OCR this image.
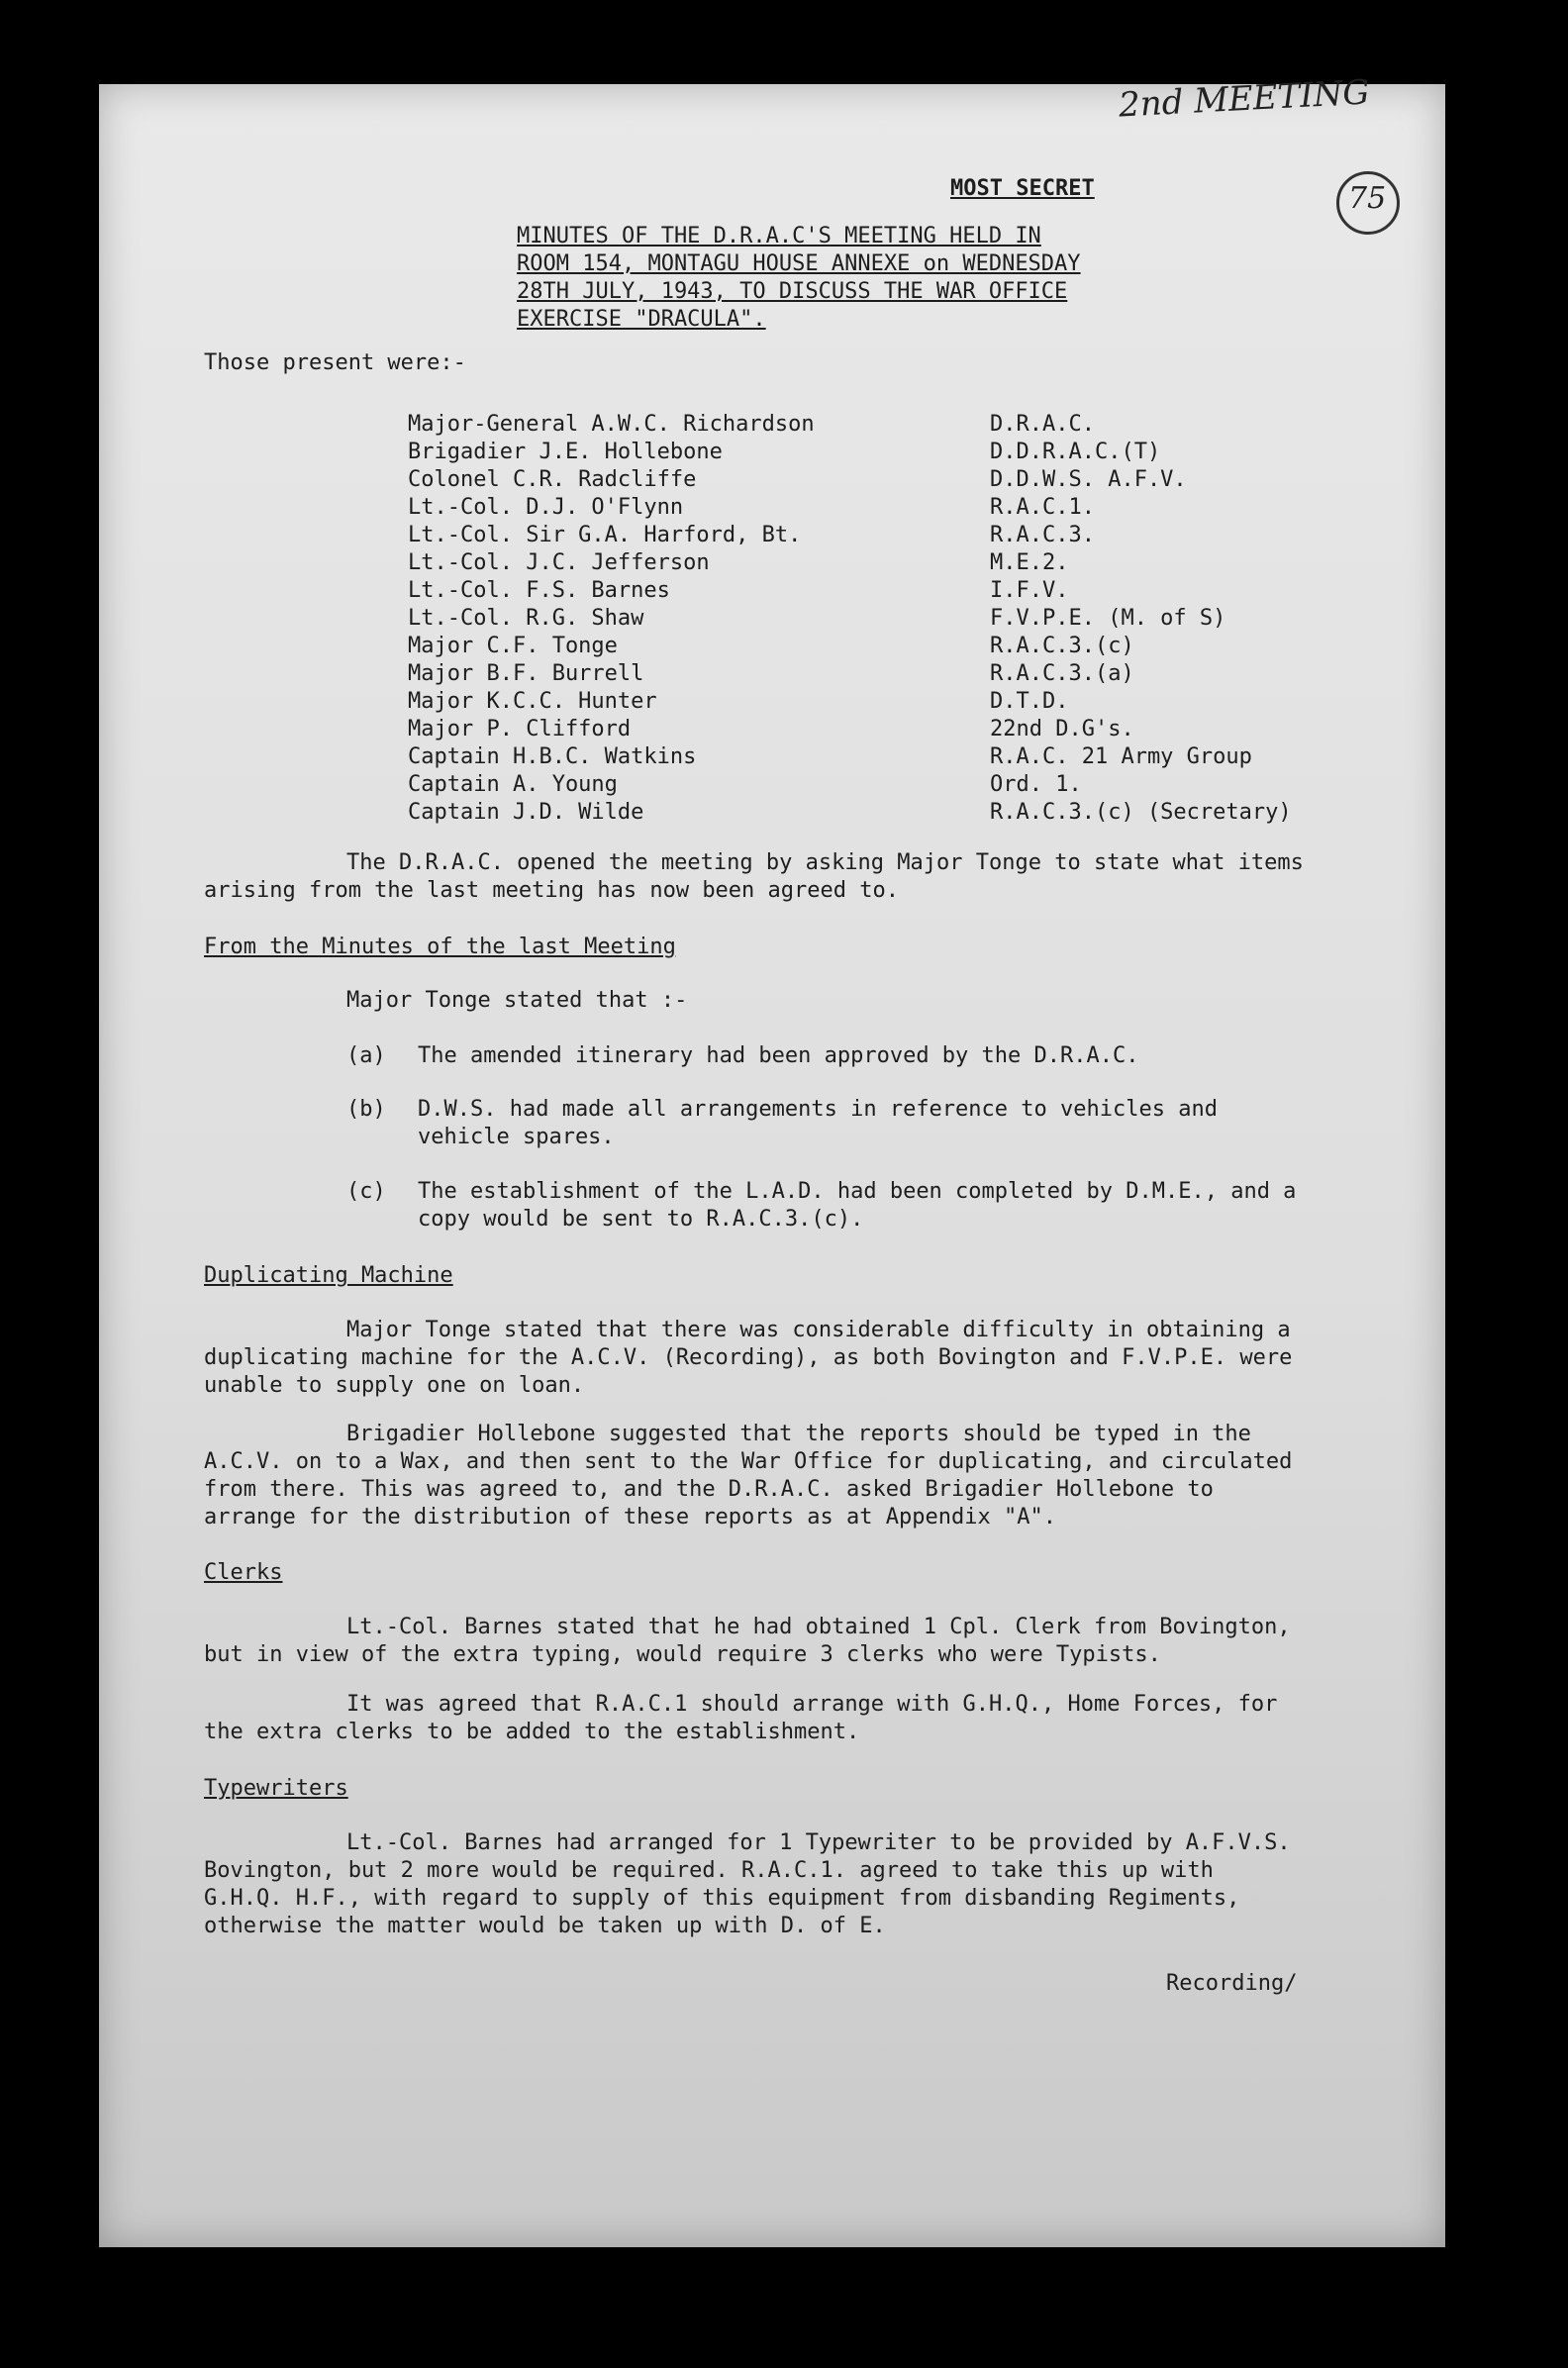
2nd MEETING
75
MOST SECRET
MINUTES OF THE D.R.A.C'S MEETING HELD IN
ROOM 154, MONTAGU HOUSE ANNEXE on WEDNESDAY
28TH JULY, 1943, TO DISCUSS THE WAR OFFICE
EXERCISE "DRACULA".
Those present were:-
Major-General A.W.C. Richardson	D.R.A.C.
Brigadier J.E. Hollebone	D.D.R.A.C.(T)
Colonel C.R. Radcliffe	D.D.W.S. A.F.V.
Lt.-Col. D.J. O'Flynn	R.A.C.1.
Lt.-Col. Sir G.A. Harford, Bt.	R.A.C.3.
Lt.-Col. J.C. Jefferson	M.E.2.
Lt.-Col. F.S. Barnes	I.F.V.
Lt.-Col. R.G. Shaw	F.V.P.E. (M. of S)
Major C.F. Tonge	R.A.C.3.(c)
Major B.F. Burrell	R.A.C.3.(a)
Major K.C.C. Hunter	D.T.D.
Major P. Clifford	22nd D.G's.
Captain H.B.C. Watkins	R.A.C. 21 Army Group
Captain A. Young	Ord. 1.
Captain J.D. Wilde	R.A.C.3.(c) (Secretary)
The D.R.A.C. opened the meeting by asking Major Tonge to state what items
arising from the last meeting has now been agreed to.
From the Minutes of the last Meeting
Major Tonge stated that :-
(a) The amended itinerary had been approved by the D.R.A.C.
(b) D.W.S. had made all arrangements in reference to vehicles and
vehicle spares.
(c) The establishment of the L.A.D. had been completed by D.M.E., and a
copy would be sent to R.A.C.3.(c).
Duplicating Machine
Major Tonge stated that there was considerable difficulty in obtaining a
duplicating machine for the A.C.V. (Recording), as both Bovington and F.V.P.E. were
unable to supply one on loan.
Brigadier Hollebone suggested that the reports should be typed in the
A.C.V. on to a Wax, and then sent to the War Office for duplicating, and circulated
from there. This was agreed to, and the D.R.A.C. asked Brigadier Hollebone to
arrange for the distribution of these reports as at Appendix "A".
Clerks
Lt.-Col. Barnes stated that he had obtained 1 Cpl. Clerk from Bovington,
but in view of the extra typing, would require 3 clerks who were Typists.
It was agreed that R.A.C.1 should arrange with G.H.Q., Home Forces, for
the extra clerks to be added to the establishment.
Typewriters
Lt.-Col. Barnes had arranged for 1 Typewriter to be provided by A.F.V.S.
Bovington, but 2 more would be required. R.A.C.1. agreed to take this up with
G.H.Q. H.F., with regard to supply of this equipment from disbanding Regiments,
otherwise the matter would be taken up with D. of E.
Recording/
